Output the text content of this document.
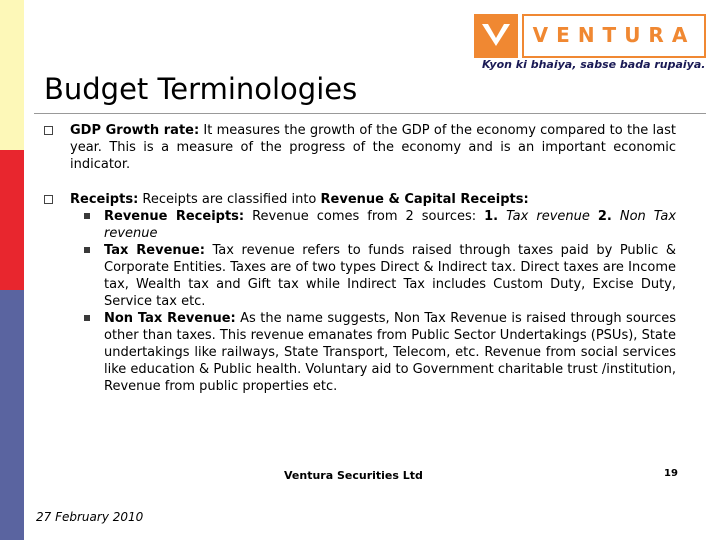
VENTURA
Kyon ki bhaiya, sabse bada rupaiya.
Budget Terminologies

GDP Growth rate: It measures the growth of the GDP of the economy compared to the last year. This is a measure of the progress of the economy and is an important economic indicator.

Receipts: Receipts are classified into Revenue & Capital Receipts:

Revenue Receipts: Revenue comes from 2 sources: 1. Tax revenue 2. Non Tax revenue

Tax Revenue: Tax revenue refers to funds raised through taxes paid by Public & Corporate Entities. Taxes are of two types Direct & Indirect tax. Direct taxes are Income tax, Wealth tax and Gift tax while Indirect Tax includes Custom Duty, Excise Duty, Service tax etc.

Non Tax Revenue: As the name suggests, Non Tax Revenue is raised through sources other than taxes. This revenue emanates from Public Sector Undertakings (PSUs), State undertakings like railways, State Transport, Telecom, etc. Revenue from social services like education & Public health. Voluntary aid to Government charitable trust /institution, Revenue from public properties etc.

Ventura Securities Ltd	19
27 February 2010
